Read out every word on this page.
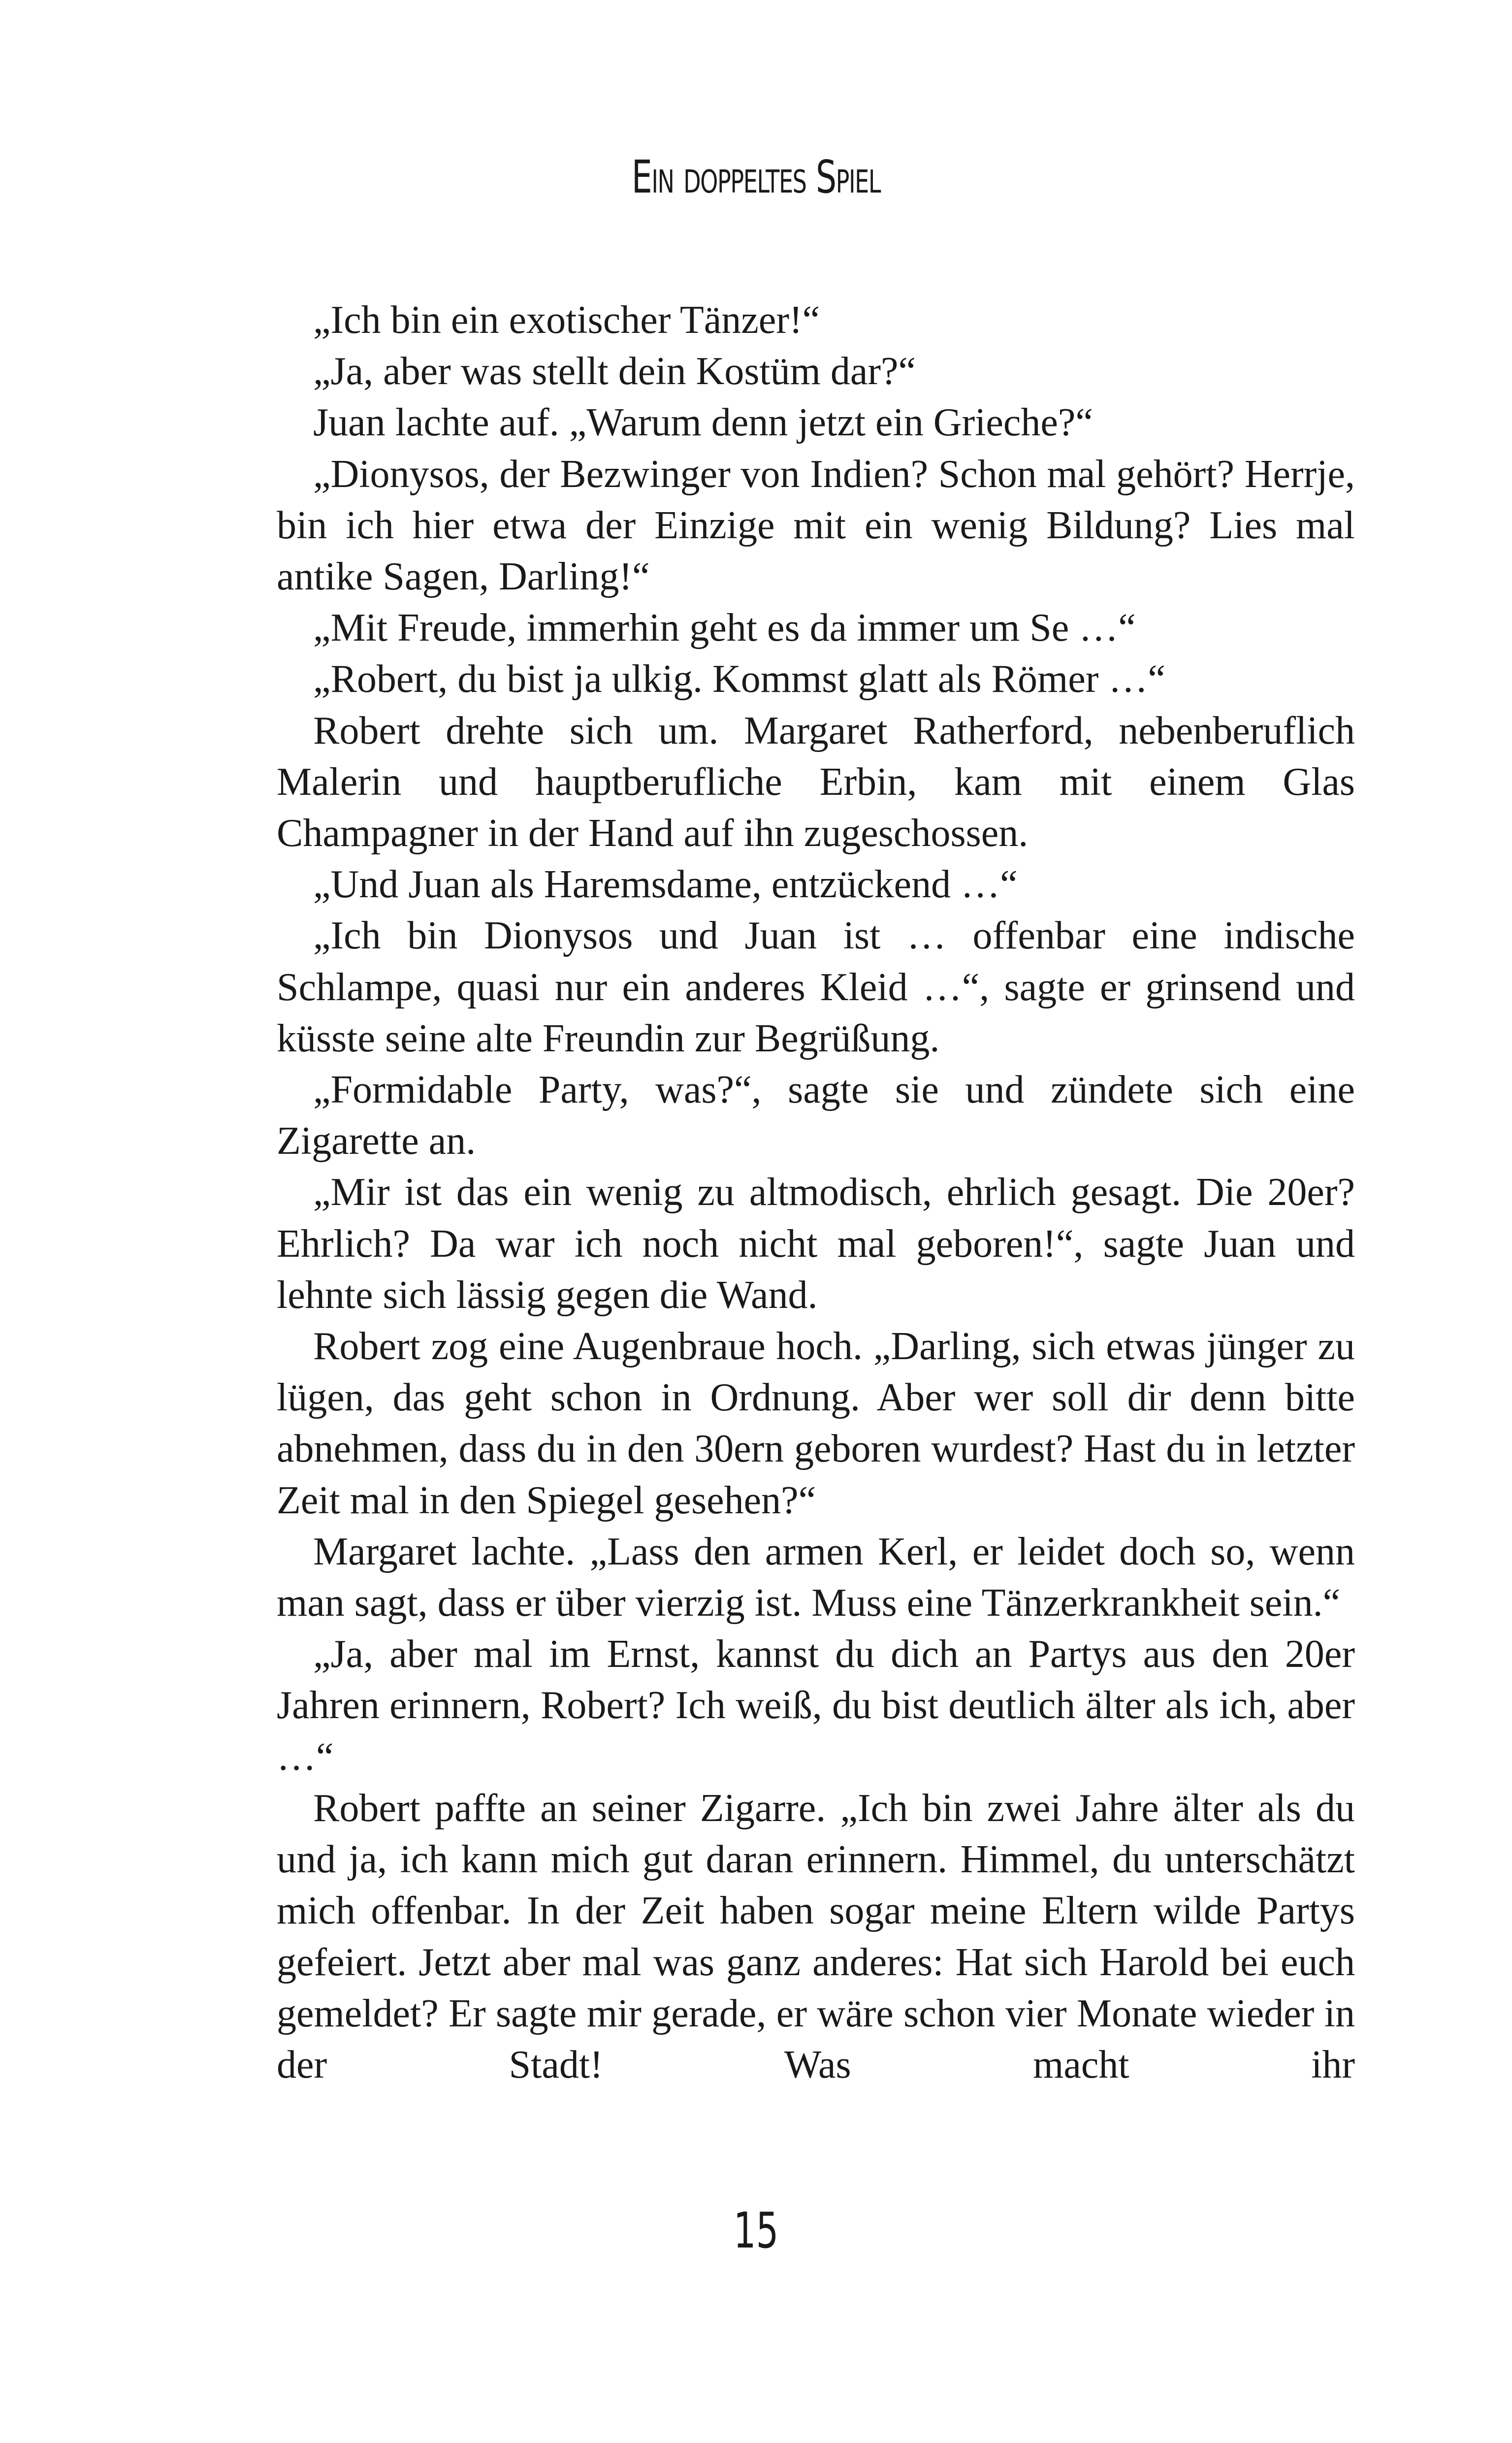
Ein doppeltes Spiel

„Ich bin ein exotischer Tänzer!“

„Ja, aber was stellt dein Kostüm dar?“

Juan lachte auf. „Warum denn jetzt ein Grieche?“

„Dionysos, der Bezwinger von Indien? Schon mal gehört? Herrje, bin ich hier etwa der Einzige mit ein wenig Bildung? Lies mal antike Sagen, Darling!“

„Mit Freude, immerhin geht es da immer um Se …“

„Robert, du bist ja ulkig. Kommst glatt als Römer …“

Robert drehte sich um. Margaret Ratherford, nebenberuflich Malerin und hauptberufliche Erbin, kam mit einem Glas Champagner in der Hand auf ihn zugeschossen.

„Und Juan als Haremsdame, entzückend …“

„Ich bin Dionysos und Juan ist … offenbar eine indische Schlampe, quasi nur ein anderes Kleid …“, sagte er grinsend und küsste seine alte Freundin zur Begrüßung.

„Formidable Party, was?“, sagte sie und zündete sich eine Zigarette an.

„Mir ist das ein wenig zu altmodisch, ehrlich gesagt. Die 20er? Ehrlich? Da war ich noch nicht mal geboren!“, sagte Juan und lehnte sich lässig gegen die Wand.

Robert zog eine Augenbraue hoch. „Darling, sich etwas jünger zu lügen, das geht schon in Ordnung. Aber wer soll dir denn bitte abnehmen, dass du in den 30ern geboren wurdest? Hast du in letzter Zeit mal in den Spiegel gesehen?“

Margaret lachte. „Lass den armen Kerl, er leidet doch so, wenn man sagt, dass er über vierzig ist. Muss eine Tänzerkrankheit sein.“

„Ja, aber mal im Ernst, kannst du dich an Partys aus den 20er Jahren erinnern, Robert? Ich weiß, du bist deutlich älter als ich, aber …“

Robert paffte an seiner Zigarre. „Ich bin zwei Jahre älter als du und ja, ich kann mich gut daran erinnern. Himmel, du unterschätzt mich offenbar. In der Zeit haben sogar meine Eltern wilde Partys gefeiert. Jetzt aber mal was ganz anderes: Hat sich Harold bei euch gemeldet? Er sagte mir gerade, er wäre schon vier Monate wieder in der Stadt! Was macht ihr

15
